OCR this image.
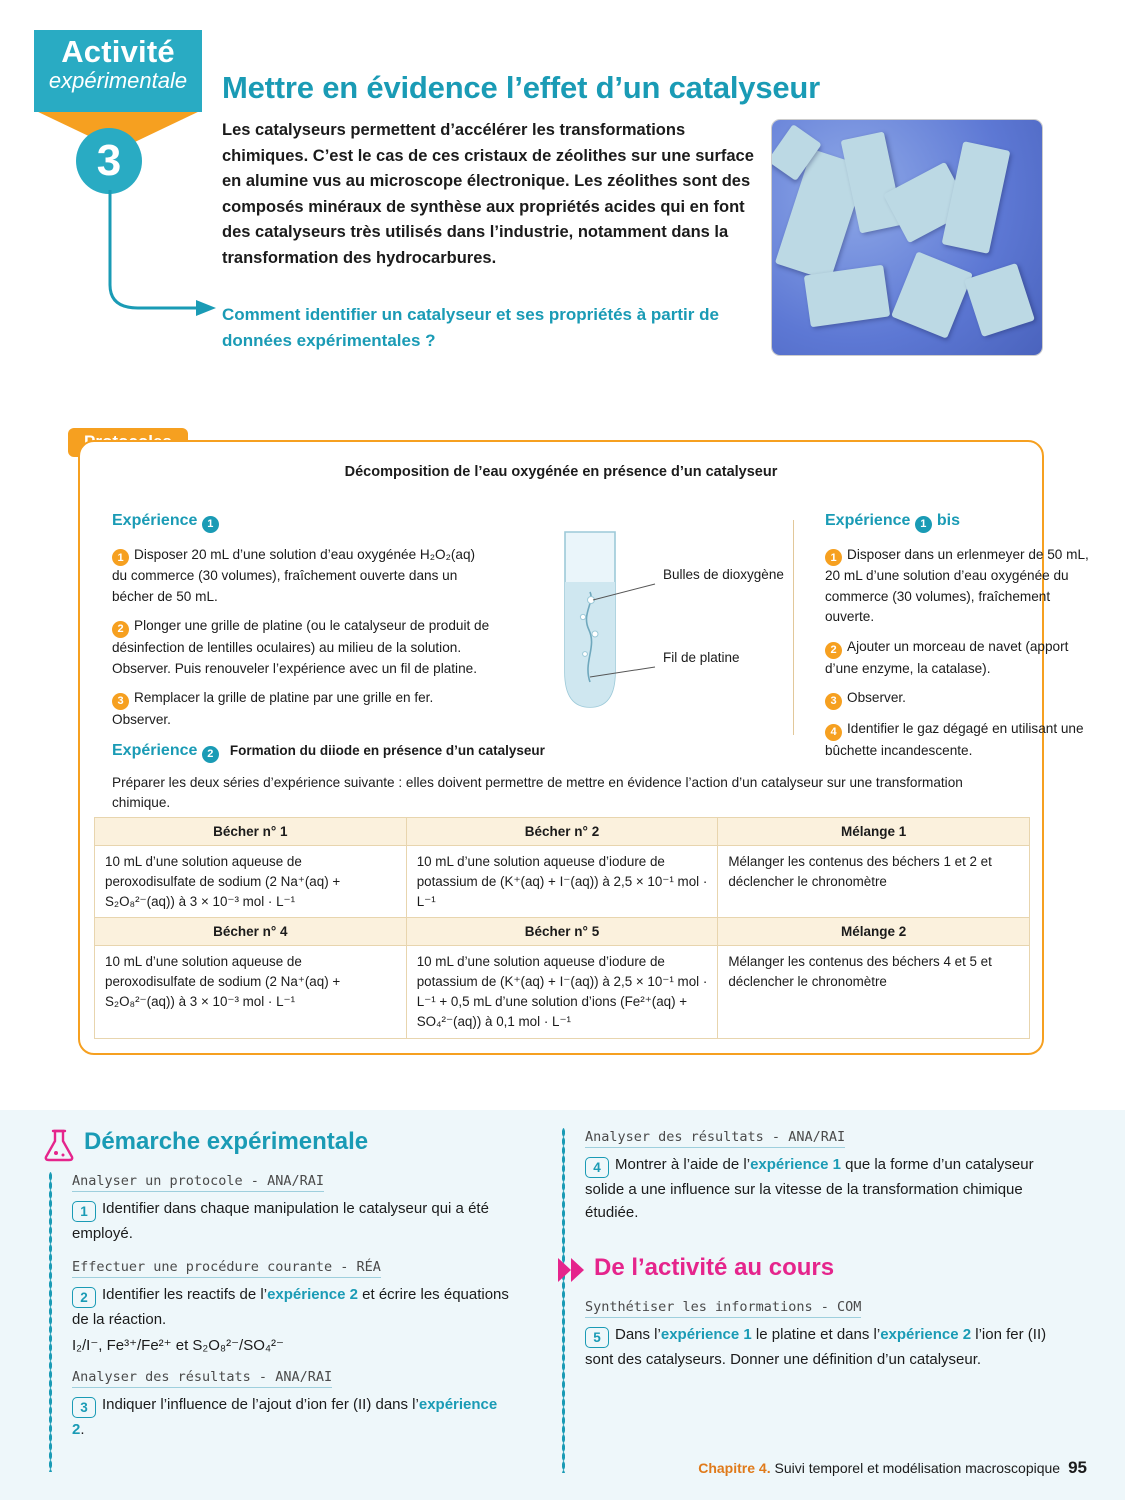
Activité
expérimentale
3
Mettre en évidence l’effet d’un catalyseur
Les catalyseurs permettent d’accélérer les transformations chimiques. C’est le cas de ces cristaux de zéolithes sur une surface en alumine vus au microscope électronique. Les zéolithes sont des composés minéraux de synthèse aux propriétés acides qui en font des catalyseurs très utilisés dans l’industrie, notamment dans la transformation des hydrocarbures.
Comment identifier un catalyseur et ses propriétés à partir de données expérimentales ?
Décomposition de l’eau oxygénée en présence d’un catalyseur
Expérience 1
1 Disposer 20 mL d’une solution d’eau oxygénée H₂O₂(aq) du commerce (30 volumes), fraîchement ouverte dans un bécher de 50 mL.
2 Plonger une grille de platine (ou le catalyseur de produit de désinfection de lentilles oculaires) au milieu de la solution. Observer. Puis renouveler l’expérience avec un fil de platine.
3 Remplacer la grille de platine par une grille en fer. Observer.
Bulles de dioxygène
Fil de platine
Expérience 1 bis
1 Disposer dans un erlenmeyer de 50 mL, 20 mL d’une solution d’eau oxygénée du commerce (30 volumes), fraîchement ouverte.
2 Ajouter un morceau de navet (apport d’une enzyme, la catalase).
3 Observer.
4 Identifier le gaz dégagé en utilisant une bûchette incandescente.
Expérience 2 Formation du diiode en présence d’un catalyseur
Préparer les deux séries d’expérience suivante : elles doivent permettre de mettre en évidence l’action d’un catalyseur sur une transformation chimique.
Bécher n° 1	Bécher n° 2	Mélange 1
10 mL d’une solution aqueuse de peroxodisulfate de sodium (2 Na⁺(aq) + S₂O₈²⁻(aq)) à 3 × 10⁻³ mol · L⁻¹	10 mL d’une solution aqueuse d’iodure de potassium de (K⁺(aq) + I⁻(aq)) à 2,5 × 10⁻¹ mol · L⁻¹	Mélanger les contenus des béchers 1 et 2 et déclencher le chronomètre
Bécher n° 4	Bécher n° 5	Mélange 2
10 mL d’une solution aqueuse de peroxodisulfate de sodium (2 Na⁺(aq) + S₂O₈²⁻(aq)) à 3 × 10⁻³ mol · L⁻¹	10 mL d’une solution aqueuse d’iodure de potassium de (K⁺(aq) + I⁻(aq)) à 2,5 × 10⁻¹ mol · L⁻¹ + 0,5 mL d’une solution d’ions (Fe²⁺(aq) + SO₄²⁻(aq)) à 0,1 mol · L⁻¹	Mélanger les contenus des béchers 4 et 5 et déclencher le chronomètre
Démarche expérimentale
Analyser un protocole - ANA/RAI
1 Identifier dans chaque manipulation le catalyseur qui a été employé.
Effectuer une procédure courante - RÉA
2 Identifier les reactifs de l’expérience 2 et écrire les équations de la réaction.
I₂/I⁻, Fe³⁺/Fe²⁺ et S₂O₈²⁻/SO₄²⁻
Analyser des résultats - ANA/RAI
3 Indiquer l’influence de l’ajout d’ion fer (II) dans l’expérience 2.
Analyser des résultats - ANA/RAI
4 Montrer à l’aide de l’expérience 1 que la forme d’un catalyseur solide a une influence sur la vitesse de la transformation chimique étudiée.
De l’activité au cours
Synthétiser les informations - COM
5 Dans l’expérience 1 le platine et dans l’expérience 2 l’ion fer (II) sont des catalyseurs. Donner une définition d’un catalyseur.
Chapitre 4. Suivi temporel et modélisation macroscopique 95
